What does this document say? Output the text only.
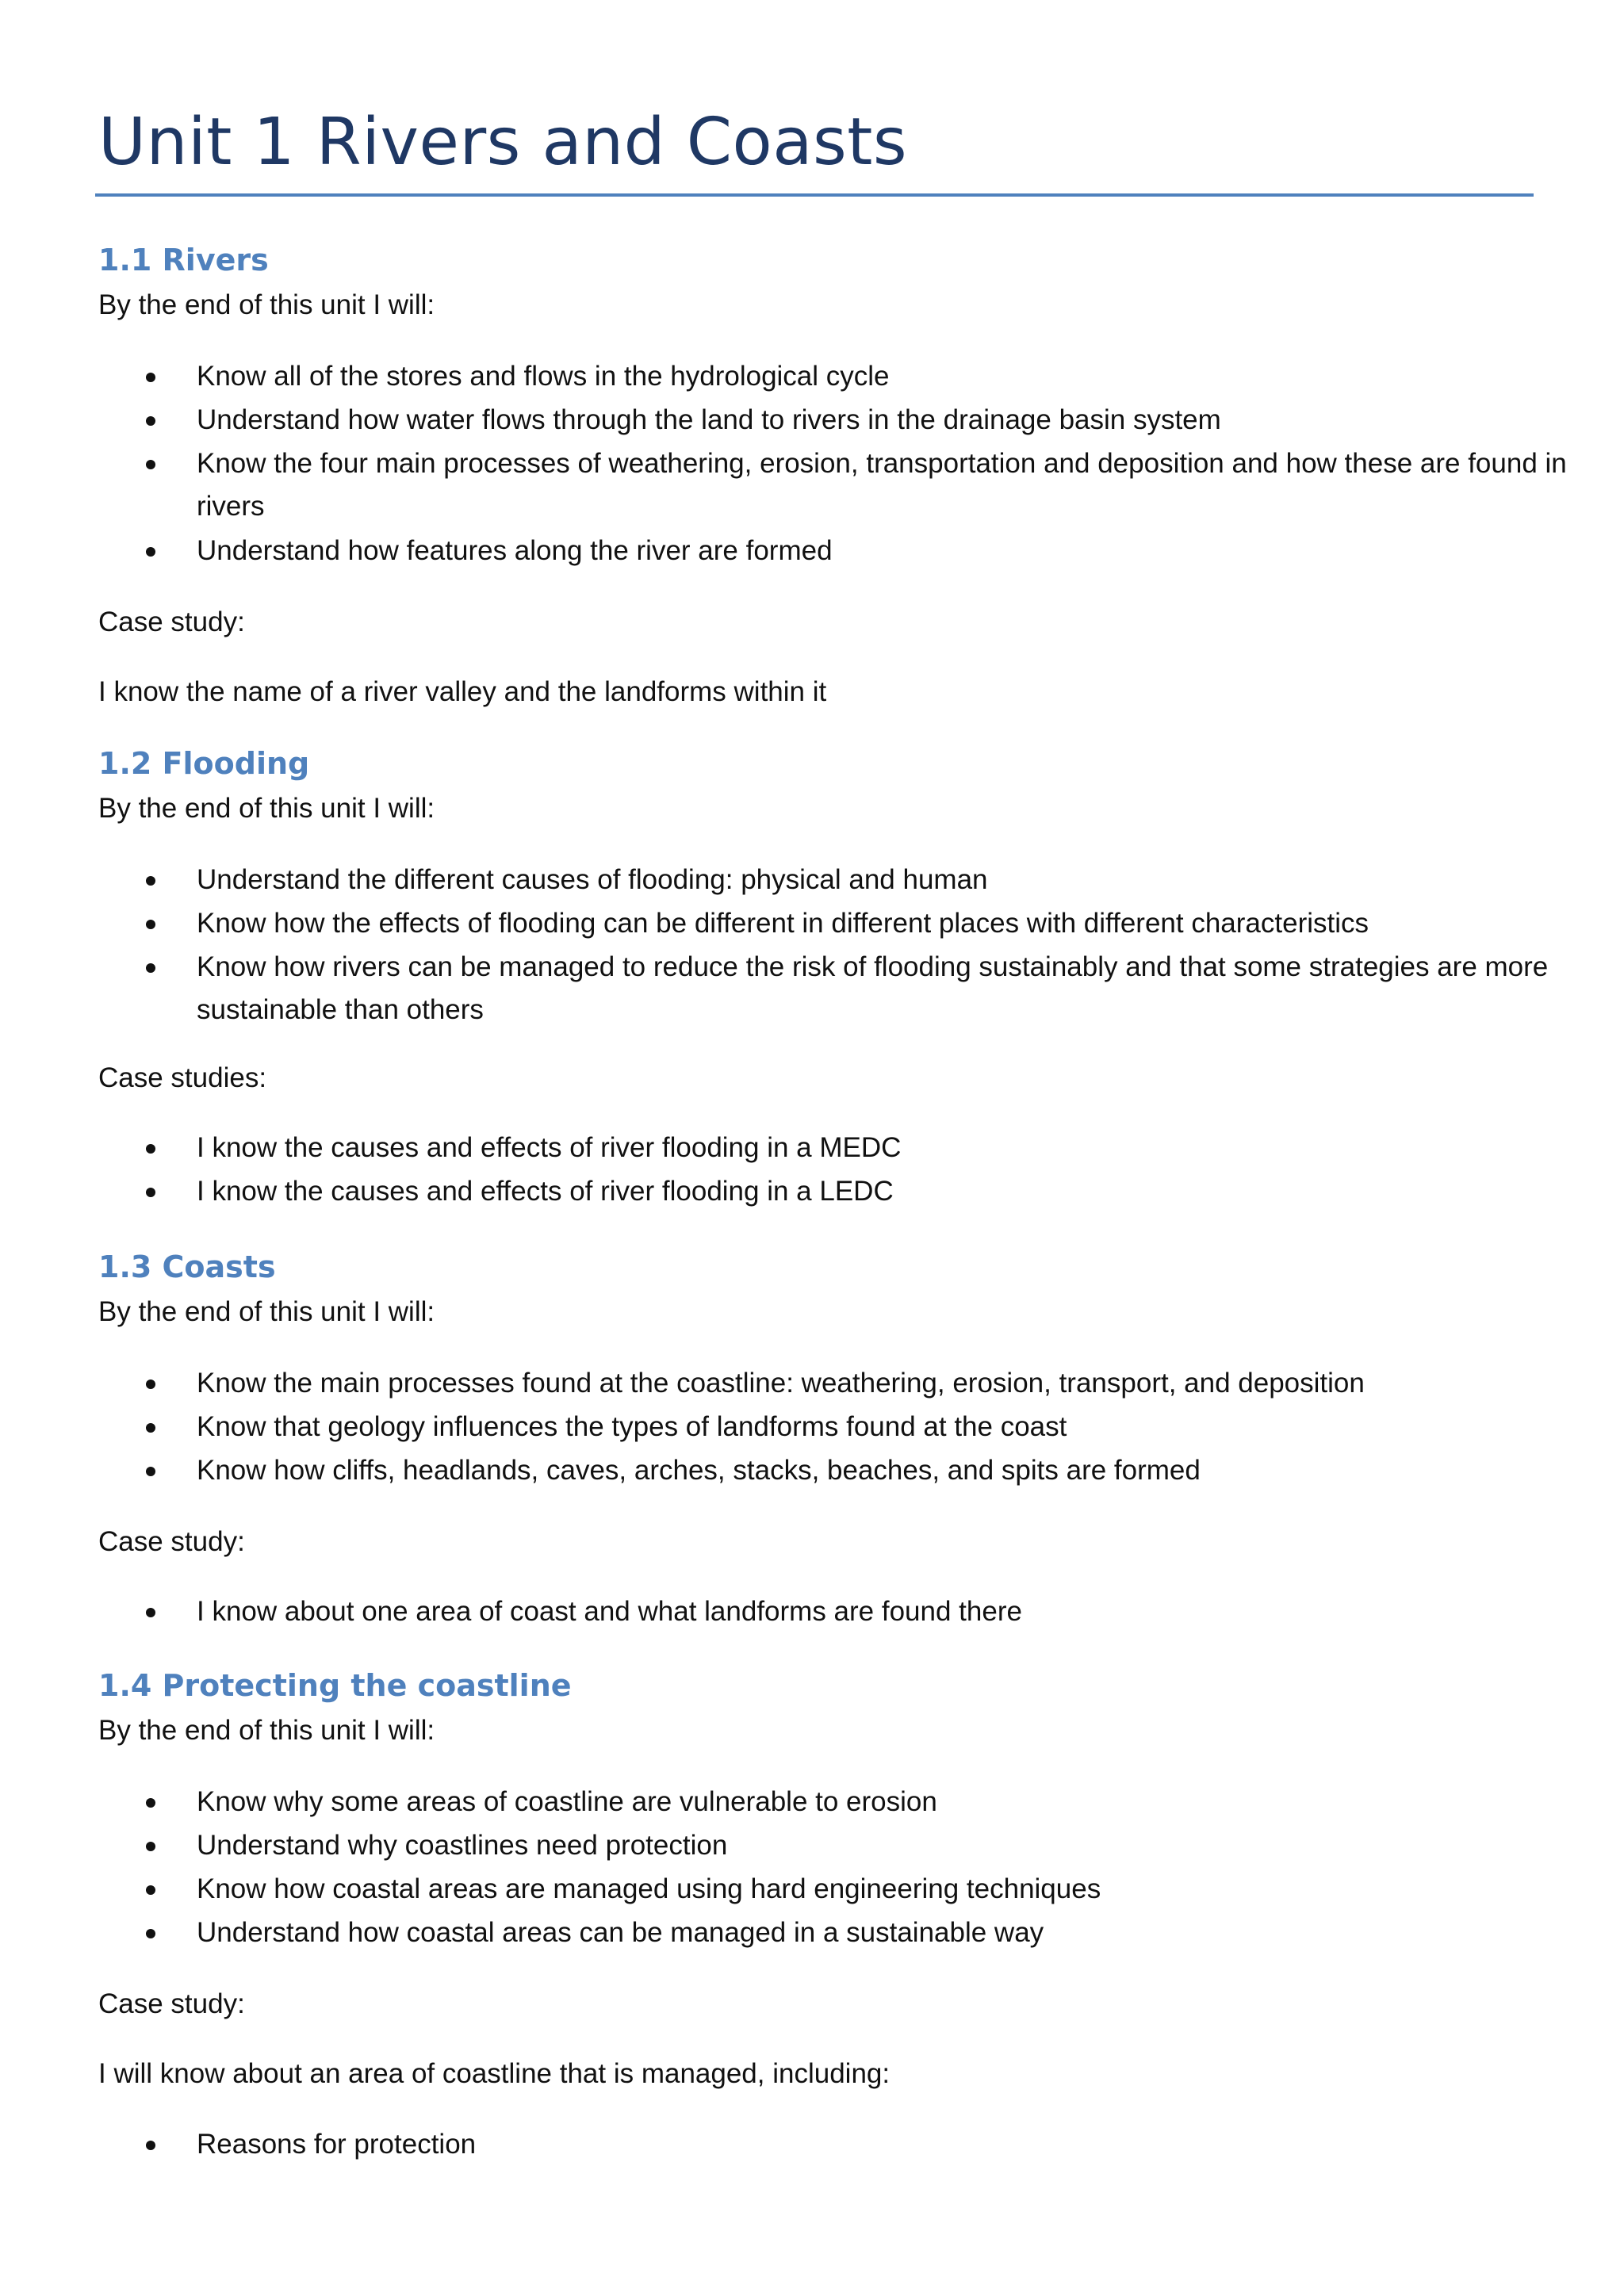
Unit 1 Rivers and Coasts
1.1 Rivers

By the end of this unit I will:

Know all of the stores and flows in the hydrological cycle
Understand how water flows through the land to rivers in the drainage basin system
Know the four main processes of weathering, erosion, transportation and deposition and how these are found in rivers
Understand how features along the river are formed

Case study:

I know the name of a river valley and the landforms within it

1.2 Flooding

By the end of this unit I will:

Understand the different causes of flooding: physical and human
Know how the effects of flooding can be different in different places with different characteristics
Know how rivers can be managed to reduce the risk of flooding sustainably and that some strategies are more sustainable than others

Case studies:

I know the causes and effects of river flooding in a MEDC
I know the causes and effects of river flooding in a LEDC
1.3 Coasts

By the end of this unit I will:

Know the main processes found at the coastline: weathering, erosion, transport, and deposition
Know that geology influences the types of landforms found at the coast
Know how cliffs, headlands, caves, arches, stacks, beaches, and spits are formed

Case study:

I know about one area of coast and what landforms are found there
1.4 Protecting the coastline

By the end of this unit I will:

Know why some areas of coastline are vulnerable to erosion
Understand why coastlines need protection
Know how coastal areas are managed using hard engineering techniques
Understand how coastal areas can be managed in a sustainable way

Case study:

I will know about an area of coastline that is managed, including:

Reasons for protection
